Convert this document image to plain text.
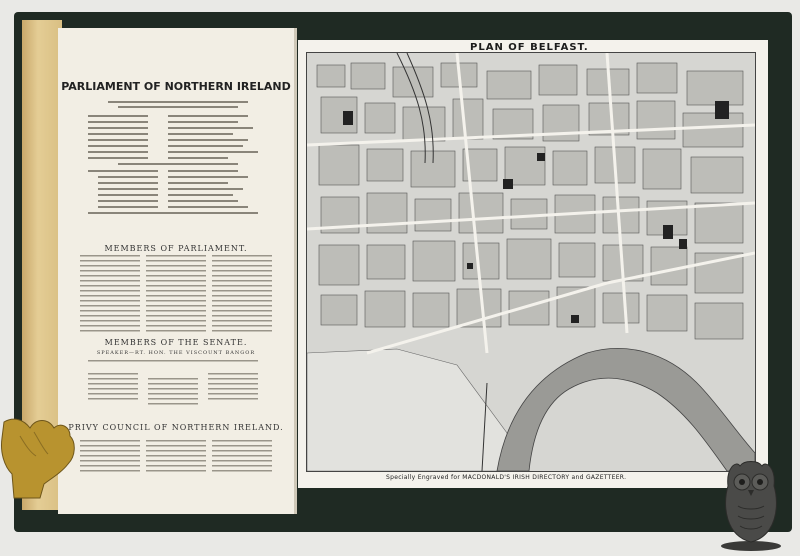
PARLIAMENT OF NORTHERN IRELAND
MEMBERS OF PARLIAMENT.
MEMBERS OF THE SENATE.
SPEAKER—RT. HON. THE VISCOUNT BANGOR
PRIVY COUNCIL OF NORTHERN IRELAND.
PLAN OF BELFAST.
Specially Engraved for MACDONALD'S IRISH DIRECTORY and GAZETTEER.
